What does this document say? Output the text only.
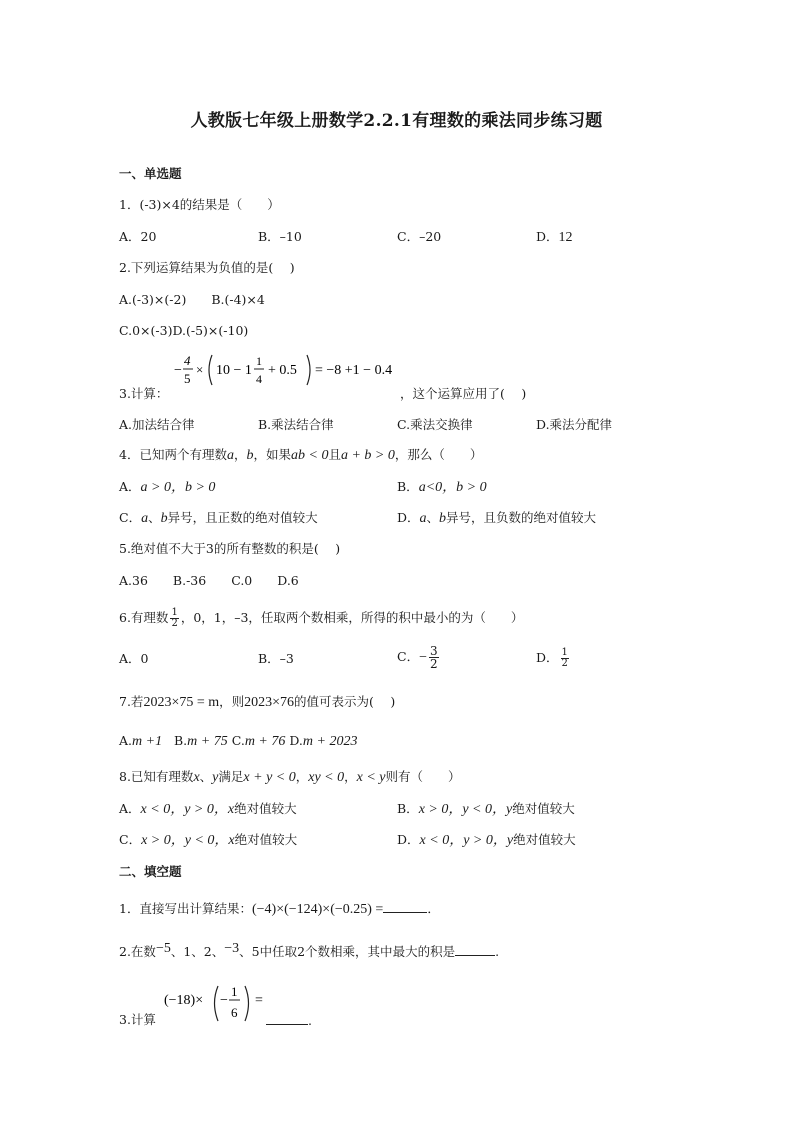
人教版七年级上册数学2.2.1有理数的乘法同步练习题
一、单选题
1．(-3)×4的结果是（　　）
A．20	B．–10	C．–20	D．12
2.下列运算结果为负值的是(　 )
A.(-3)×(-2)　　B.(-4)×4
C.0×(-3)D.(-5)×(-10)
−
4
5
× 10 − 1
1
4
+ 0.5 = −8 +1 − 0.4
3.计算：	，这个运算应用了(　 )
A.加法结合律	B.乘法结合律	C.乘法交换律	D.乘法分配律
4．已知两个有理数a，b，如果ab < 0且a + b > 0，那么（　　）
A．a > 0，b > 0	B．a<0，b > 0
C．a、b异号，且正数的绝对值较大	D．a、b异号，且负数的绝对值较大
5.绝对值不大于3的所有整数的积是(　 )
A.36　　B.-36　　C.0　　D.6
6.有理数 $\frac{1}{2}$ ，0，1，–3，任取两个数相乘，所得的积中最小的为（　　）
A．0	B．–3	C．− $\frac{3}{2}$	D． $\frac{1}{2}$
7.若2023×75 = m，则2023×76的值可表示为(　 )
A.m +1 B.m + 75 C.m + 76 D.m + 2023
8.已知有理数x、y满足x + y < 0，xy < 0，x < y则有（　　）
A．x < 0，y > 0，x绝对值较大	B．x > 0，y < 0，y绝对值较大
C．x > 0，y < 0，x绝对值较大	D．x < 0，y > 0，y绝对值较大
二、填空题
1．直接写出计算结果：(−4)×(−124)×(−0.25) =	．
2.在数−5、1、2、−3、5中任取2个数相乘，其中最大的积是	.
(−18)× −
1
6
=
3.计算	.
